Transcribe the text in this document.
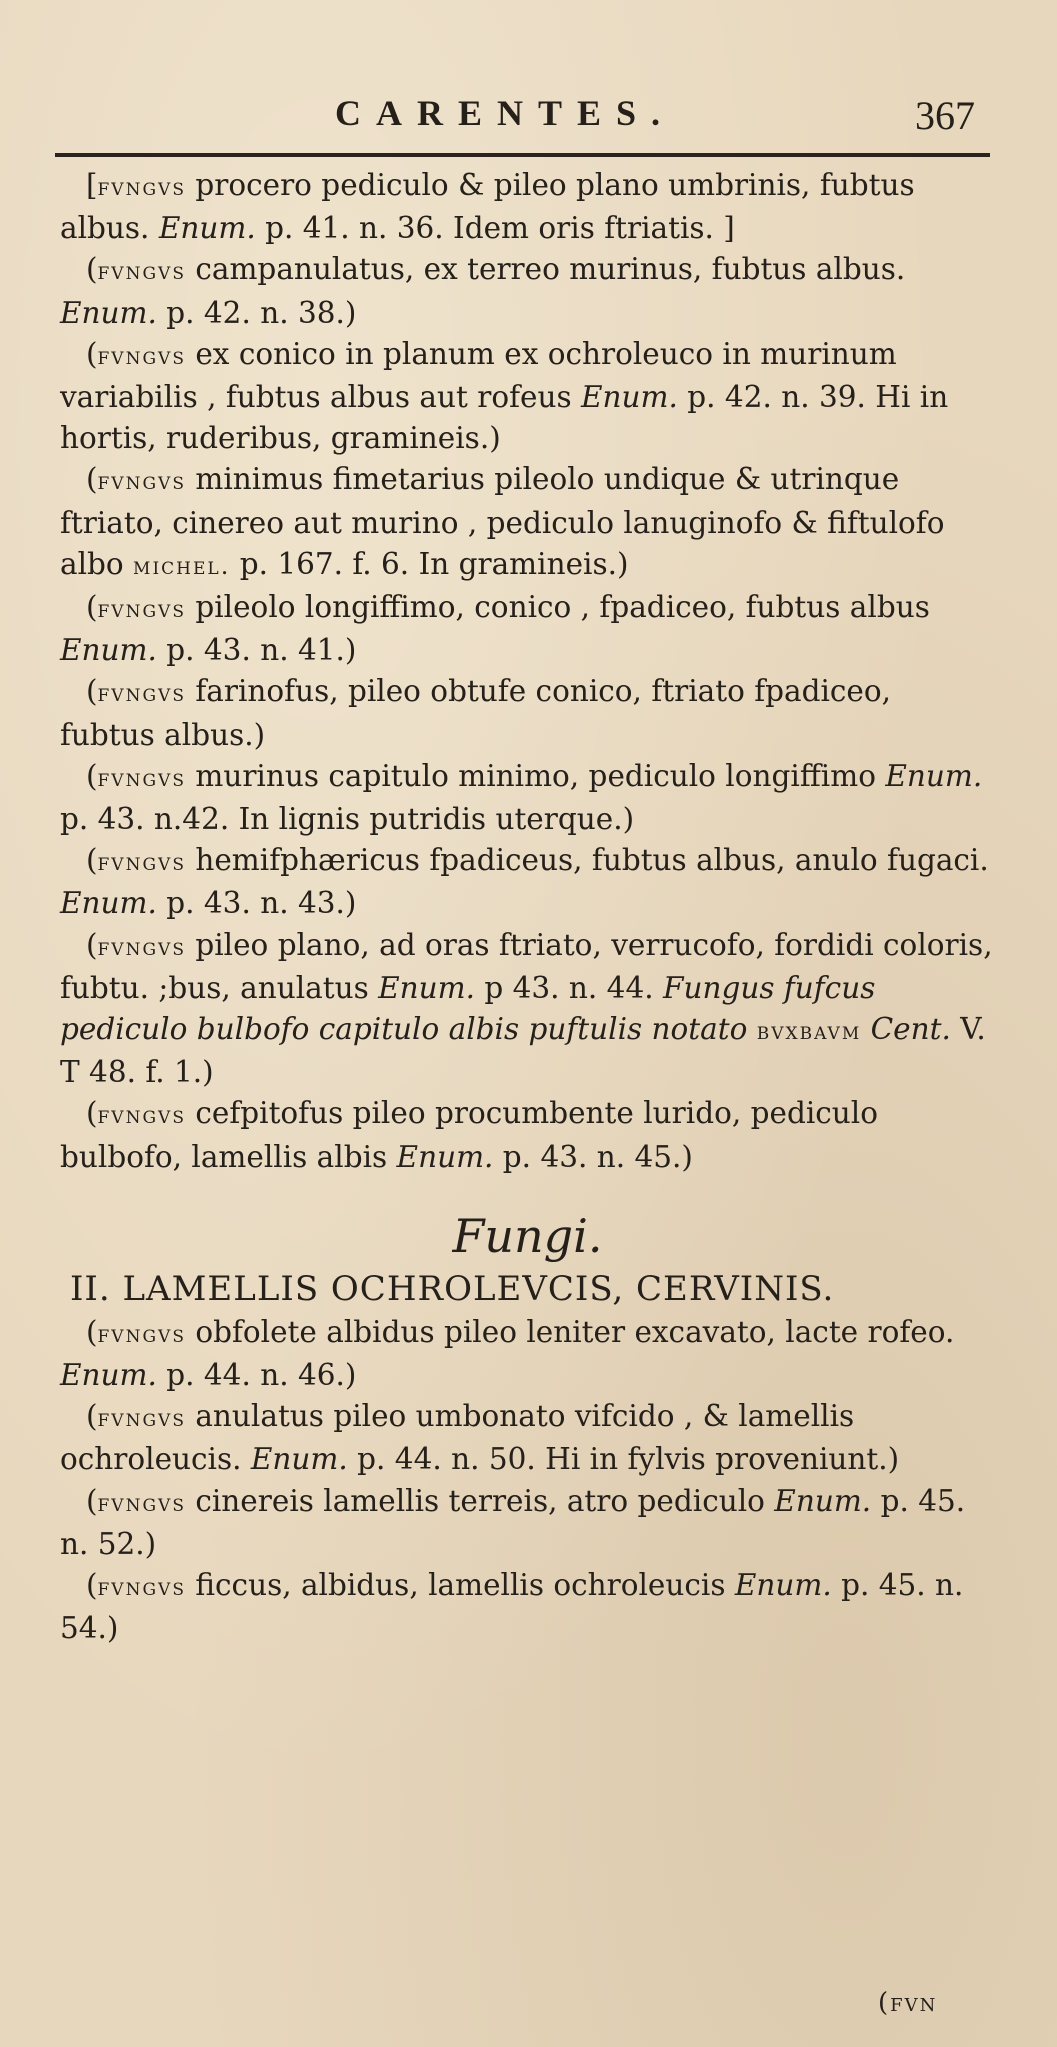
CARENTES.	367

[fvngvs procero pediculo & pileo plano umbrinis, fubtus albus. Enum. p. 41. n. 36. Idem oris ftriatis. ]

(fvngvs campanulatus, ex terreo murinus, fubtus albus. Enum. p. 42. n. 38.)

(fvngvs ex conico in planum ex ochroleuco in murinum variabilis , fubtus albus aut rofeus Enum. p. 42. n. 39. Hi in hortis, ruderibus, gramineis.)

(fvngvs minimus fimetarius pileolo undique & utrinque ftriato, cinereo aut murino , pediculo lanuginofo & fiftulofo albo michel. p. 167. f. 6. In gramineis.)

(fvngvs pileolo longiffimo, conico , fpadiceo, fubtus albus Enum. p. 43. n. 41.)

(fvngvs farinofus, pileo obtufe conico, ftriato fpadiceo, fubtus albus.)

(fvngvs murinus capitulo minimo, pediculo longiffimo Enum. p. 43. n.42. In lignis putridis uterque.)

(fvngvs hemifphæricus fpadiceus, fubtus albus, anulo fugaci. Enum. p. 43. n. 43.)

(fvngvs pileo plano, ad oras ftriato, verrucofo, fordidi coloris, fubtu. ;bus, anulatus Enum. p 43. n. 44. Fungus fufcus pediculo bulbofo capitulo albis puftulis notato bvxbavm Cent. V. T 48. f. 1.)

(fvngvs cefpitofus pileo procumbente lurido, pediculo bulbofo, lamellis albis Enum. p. 43. n. 45.)

Fungi.
II. LAMELLIS OCHROLEVCIS, CERVINIS.

(fvngvs obfolete albidus pileo leniter excavato, lacte rofeo. Enum. p. 44. n. 46.)

(fvngvs anulatus pileo umbonato vifcido , & lamellis ochroleucis. Enum. p. 44. n. 50. Hi in fylvis proveniunt.)

(fvngvs cinereis lamellis terreis, atro pediculo Enum. p. 45. n. 52.)

(fvngvs ficcus, albidus, lamellis ochroleucis Enum. p. 45. n. 54.)

(fvn
